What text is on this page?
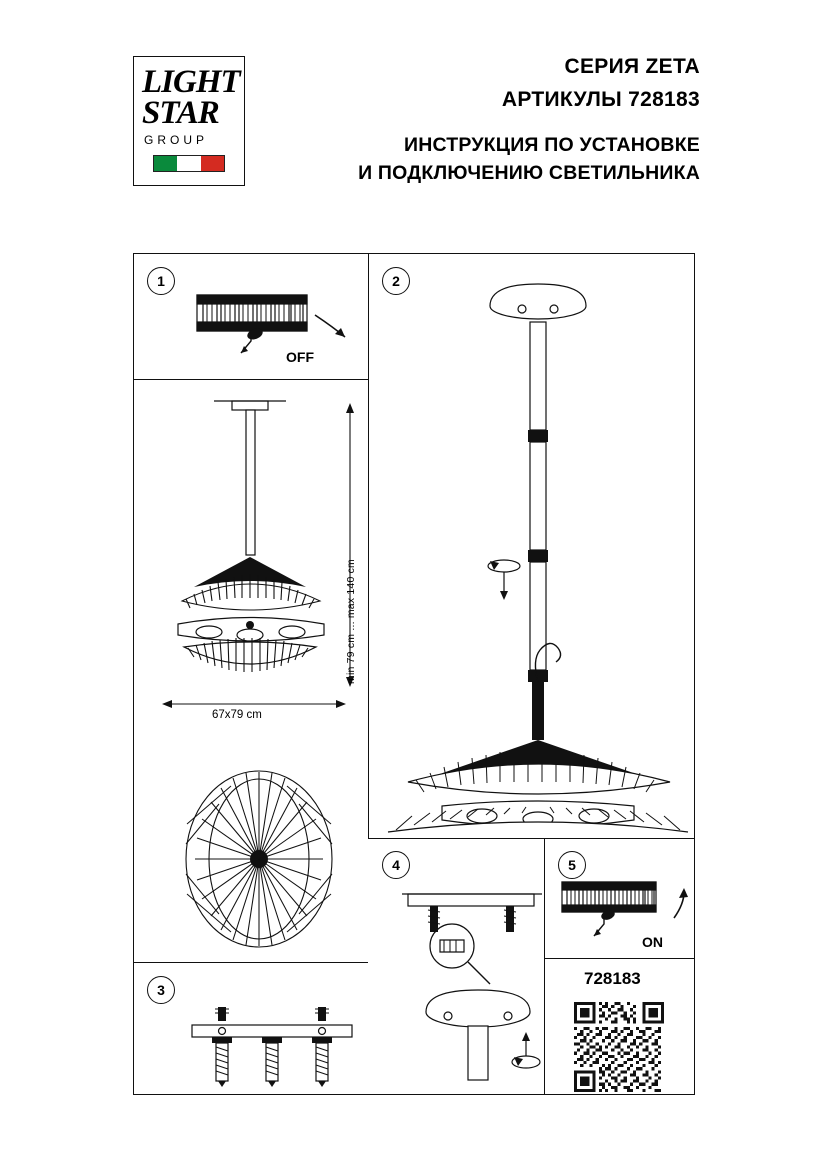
LIGHT
STAR
GROUP
СЕРИЯ ZETA
АРТИКУЛЫ 728183
ИНСТРУКЦИЯ ПО УСТАНОВКЕ
И ПОДКЛЮЧЕНИЮ СВЕТИЛЬНИКА
1
OFF
min 79 cm ... max 140 cm
67x79 cm
3
2
4	5
ON
728183
